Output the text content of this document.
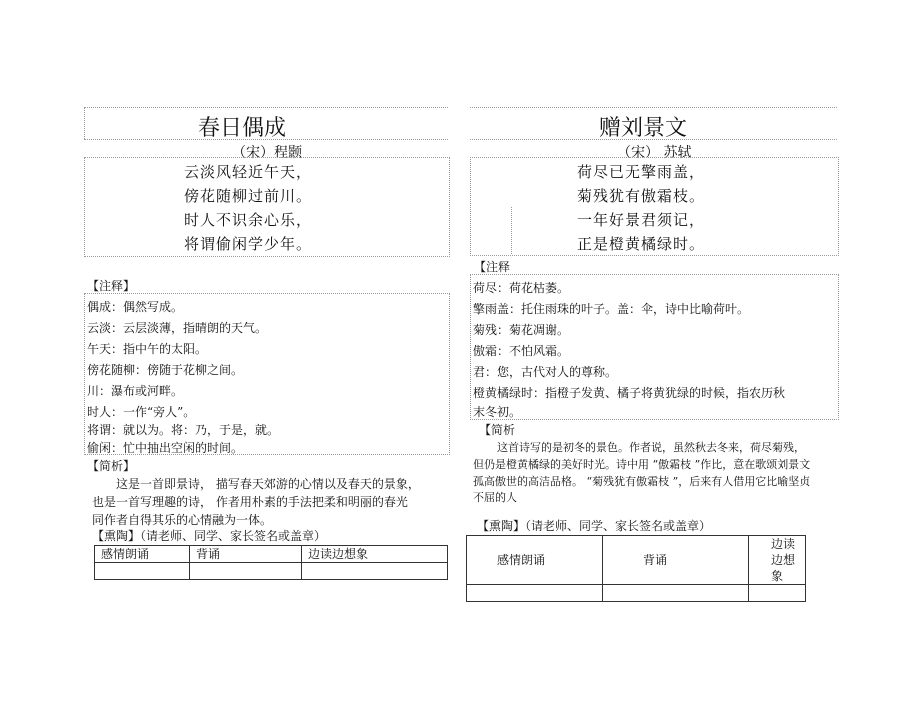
春日偶成
（宋）程颢
云淡风轻近午天，
傍花随柳过前川。
时人不识余心乐，
将谓偷闲学少年。
【注释】
偶成：偶然写成。
云淡：云层淡薄，指晴朗的天气。
午天：指中午的太阳。
傍花随柳：傍随于花柳之间。
川：瀑布或河畔。
时人：一作“旁人”。
将谓：就以为。将：乃，于是，就。
偷闲：忙中抽出空闲的时间。
【简析】
这是一首即景诗， 描写春天郊游的心情以及春天的景象，
也是一首写理趣的诗， 作者用朴素的手法把柔和明丽的春光
同作者自得其乐的心情融为一体。
【熏陶】（请老师、同学、家长签名或盖章）
感情朗诵	背诵	边读边想象

赠刘景文
（宋） 苏轼
荷尽已无擎雨盖，
菊残犹有傲霜枝。
一年好景君须记，
正是橙黄橘绿时。
【注释
荷尽：荷花枯萎。
擎雨盖：托住雨珠的叶子。盖：伞，诗中比喻荷叶。
菊残：菊花凋谢。
傲霜：不怕风霜。
君：您，古代对人的尊称。
橙黄橘绿时：指橙子发黄、橘子将黄犹绿的时候，指农历秋
末冬初。
【简析
这首诗写的是初冬的景色。作者说，虽然秋去冬来，荷尽菊残，
但仍是橙黄橘绿的美好时光。诗中用 “傲霜枝 ”作比，意在歌颂刘景文
孤高傲世的高洁品格。 “菊残犹有傲霜枝 ”，后来有人借用它比喻坚贞
不屈的人
【熏陶】（请老师、同学、家长签名或盖章）
感情朗诵	背诵	边读边想象
